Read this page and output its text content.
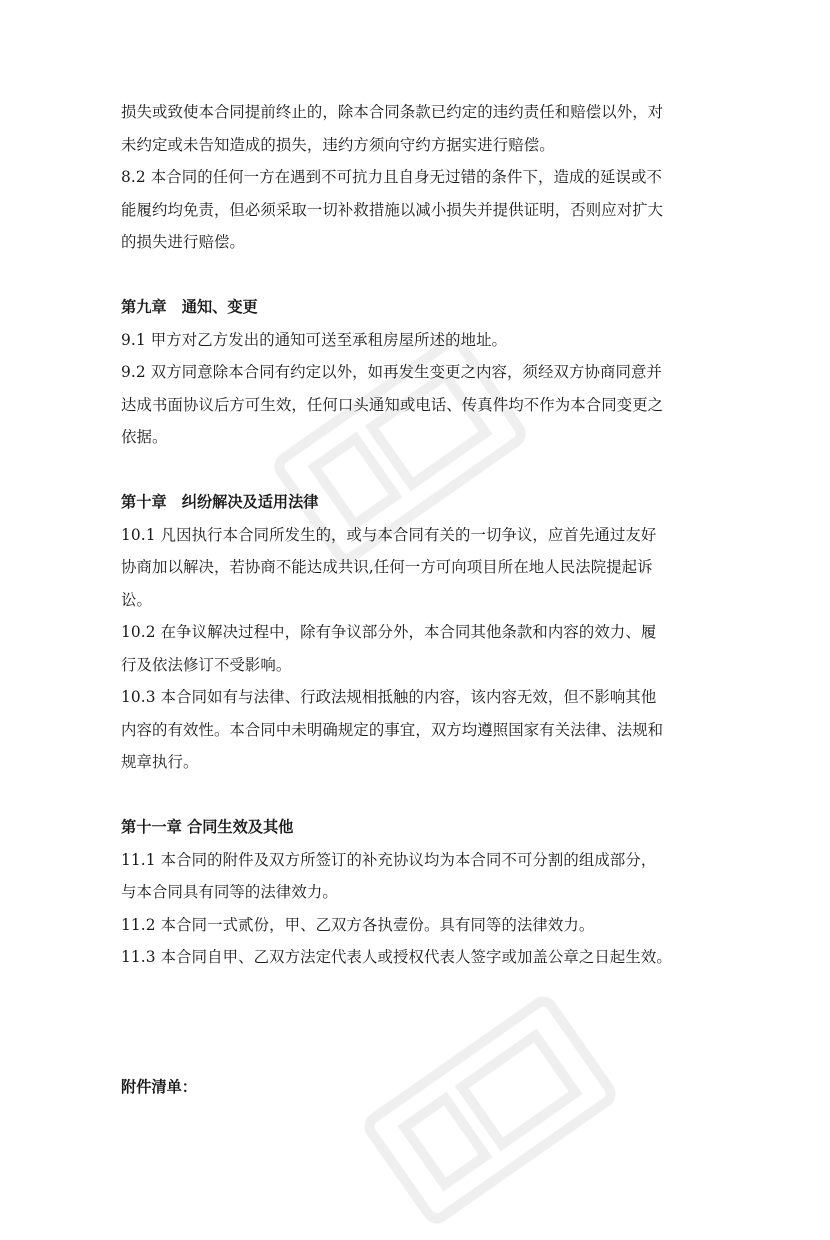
损失或致使本合同提前终止的，除本合同条款已约定的违约责任和赔偿以外，对
未约定或未告知造成的损失，违约方须向守约方据实进行赔偿。
8.2 本合同的任何一方在遇到不可抗力且自身无过错的条件下，造成的延误或不
能履约均免责，但必须采取一切补救措施以减小损失并提供证明，否则应对扩大
的损失进行赔偿。
第九章　通知、变更
9.1 甲方对乙方发出的通知可送至承租房屋所述的地址。
9.2 双方同意除本合同有约定以外，如再发生变更之内容，须经双方协商同意并
达成书面协议后方可生效，任何口头通知或电话、传真件均不作为本合同变更之
依据。
第十章　纠纷解决及适用法律
10.1 凡因执行本合同所发生的，或与本合同有关的一切争议，应首先通过友好
协商加以解决，若协商不能达成共识,任何一方可向项目所在地人民法院提起诉
讼。
10.2 在争议解决过程中，除有争议部分外，本合同其他条款和内容的效力、履
行及依法修订不受影响。
10.3 本合同如有与法律、行政法规相抵触的内容，该内容无效，但不影响其他
内容的有效性。本合同中未明确规定的事宜，双方均遵照国家有关法律、法规和
规章执行。
第十一章 合同生效及其他
11.1 本合同的附件及双方所签订的补充协议均为本合同不可分割的组成部分，
与本合同具有同等的法律效力。
11.2 本合同一式贰份，甲、乙双方各执壹份。具有同等的法律效力。
11.3 本合同自甲、乙双方法定代表人或授权代表人签字或加盖公章之日起生效。
附件清单：
